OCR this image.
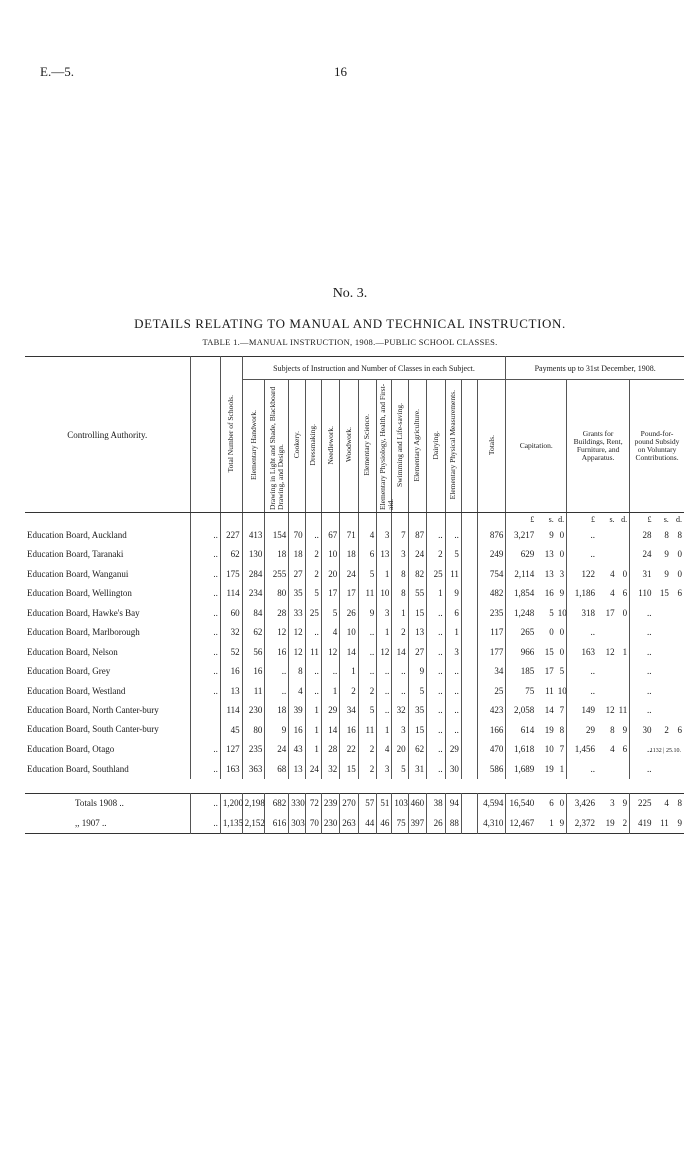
E.—5.	16
No. 3.
DETAILS RELATING TO MANUAL AND TECHNICAL INSTRUCTION.
TABLE 1.—MANUAL INSTRUCTION, 1908.—PUBLIC SCHOOL CLASSES.
Controlling Authority.		Total Number of Schools.	Subjects of Instruction and Number of Classes in each Subject.														Payments up to 31st December, 1908.								
			Elementary Handwork.	Drawing in Light and Shade, Blackboard Drawing, and Design.	Cookery.	Dressmaking.	Needlework.	Woodwork.	Elementary Science.	Elementary Physiology, Health, and First-aid.	Swimming and Life-saving.	Elementary Agriculture.	Dairying.	Elementary Physical Measurements.		Totals.	Capitation.			Grants for Buildings, Rent, Furniture, and Apparatus.			Pound-for-pound Subsidy on Voluntary Contributions.		
																	£	s.	d.	£	s.	d.	£	s.	d.
Education Board, Auckland	..	227	413	154	70	..	67	71	4	3	7	87	..	..		876	3,217	9	0	..			28	8	8
Education Board, Taranaki	..	62	130	18	18	2	10	18	6	13	3	24	2	5		249	629	13	0	..			24	9	0
Education Board, Wanganui	..	175	284	255	27	2	20	24	5	1	8	82	25	11		754	2,114	13	3	122	4	0	31	9	0
Education Board, Wellington	..	114	234	80	35	5	17	17	11	10	8	55	1	9		482	1,854	16	9	1,186	4	6	110	15	6
Education Board, Hawke's Bay	..	60	84	28	33	25	5	26	9	3	1	15	..	6		235	1,248	5	10	318	17	0	..		
Education Board, Marlborough	..	32	62	12	12	..	4	10	..	1	2	13	..	1		117	265	0	0	..			..		
Education Board, Nelson	..	52	56	16	12	11	12	14	..	12	14	27	..	3		177	966	15	0	163	12	1	..		
Education Board, Grey	..	16	16	..	8	..	..	1	..	..	..	9	..	..		34	185	17	5	..			..		
Education Board, Westland	..	13	11	..	4	..	1	2	2	..	..	5	..	..		25	75	11	10	..			..		
Education Board, North Canter-bury		114	230	18	39	1	29	34	5	..	32	35	..	..		423	2,058	14	7	149	12	11	..		
Education Board, South Canter-bury		45	80	9	16	1	14	16	11	1	3	15	..	..		166	614	19	8	29	8	9	30	2	6
Education Board, Otago	..	127	235	24	43	1	28	22	2	4	20	62	..	29		470	1,618	10	7	1,456	4	6	..		
Education Board, Southland	..	163	363	68	13	24	32	15	2	3	5	31	..	30		586	1,689	19	1	..			..		

Totals 1908 ..	..	1,200	2,198	682	330	72	239	270	57	51	103	460	38	94		4,594	16,540	6	0	3,426	3	9	225	4	8
,, 1907 ..	..	1,135	2,152	616	303	70	230	263	44	46	75	397	26	88		4,310	12,467	1	9	2,372	19	2	419	11	9
1132 | 25.10.
